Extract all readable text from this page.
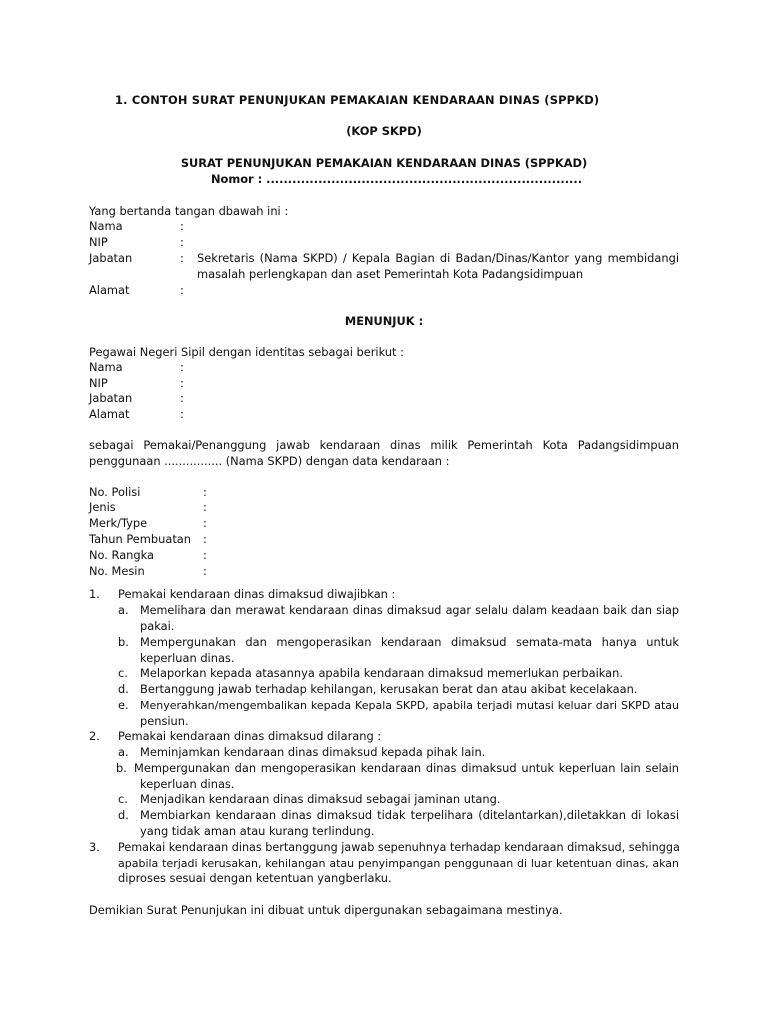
1. CONTOH SURAT PENUNJUKAN PEMAKAIAN KENDARAAN DINAS (SPPKD)
(KOP SKPD)
SURAT PENUNJUKAN PEMAKAIAN KENDARAAN DINAS (SPPKAD)
Nomor : .........................................................................
Yang bertanda tangan dbawah ini :
Nama	:
NIP	:
Jabatan	: Sekretaris (Nama SKPD) / Kepala Bagian di Badan/Dinas/Kantor yang membidangi
masalah perlengkapan dan aset Pemerintah Kota Padangsidimpuan
Alamat	:
MENUNJUK :
Pegawai Negeri Sipil dengan identitas sebagai berikut :
Nama	:
NIP	:
Jabatan	:
Alamat	:
sebagai Pemakai/Penanggung jawab kendaraan dinas milik Pemerintah Kota Padangsidimpuan
penggunaan ................ (Nama SKPD) dengan data kendaraan :
No. Polisi	:
Jenis	:
Merk/Type	:
Tahun Pembuatan :
No. Rangka	:
No. Mesin	:
1. Pemakai kendaraan dinas dimaksud diwajibkan :
a. Memelihara dan merawat kendaraan dinas dimaksud agar selalu dalam keadaan baik dan siap
pakai.
b. Mempergunakan dan mengoperasikan kendaraan dimaksud semata-mata hanya untuk
keperluan dinas.
c. Melaporkan kepada atasannya apabila kendaraan dimaksud memerlukan perbaikan.
d. Bertanggung jawab terhadap kehilangan, kerusakan berat dan atau akibat kecelakaan.
e. Menyerahkan/mengembalikan kepada Kepala SKPD, apabila terjadi mutasi keluar dari SKPD atau
pensiun.
2. Pemakai kendaraan dinas dimaksud dilarang :
a. Meminjamkan kendaraan dinas dimaksud kepada pihak lain.
b. Mempergunakan dan mengoperasikan kendaraan dinas dimaksud untuk keperluan lain selain
keperluan dinas.
c. Menjadikan kendaraan dinas dimaksud sebagai jaminan utang.
d. Membiarkan kendaraan dinas dimaksud tidak terpelihara (ditelantarkan),diletakkan di lokasi
yang tidak aman atau kurang terlindung.
3. Pemakai kendaraan dinas bertanggung jawab sepenuhnya terhadap kendaraan dimaksud, sehingga
apabila terjadi kerusakan, kehilangan atau penyimpangan penggunaan di luar ketentuan dinas, akan
diproses sesuai dengan ketentuan yangberlaku.
Demikian Surat Penunjukan ini dibuat untuk dipergunakan sebagaimana mestinya.
